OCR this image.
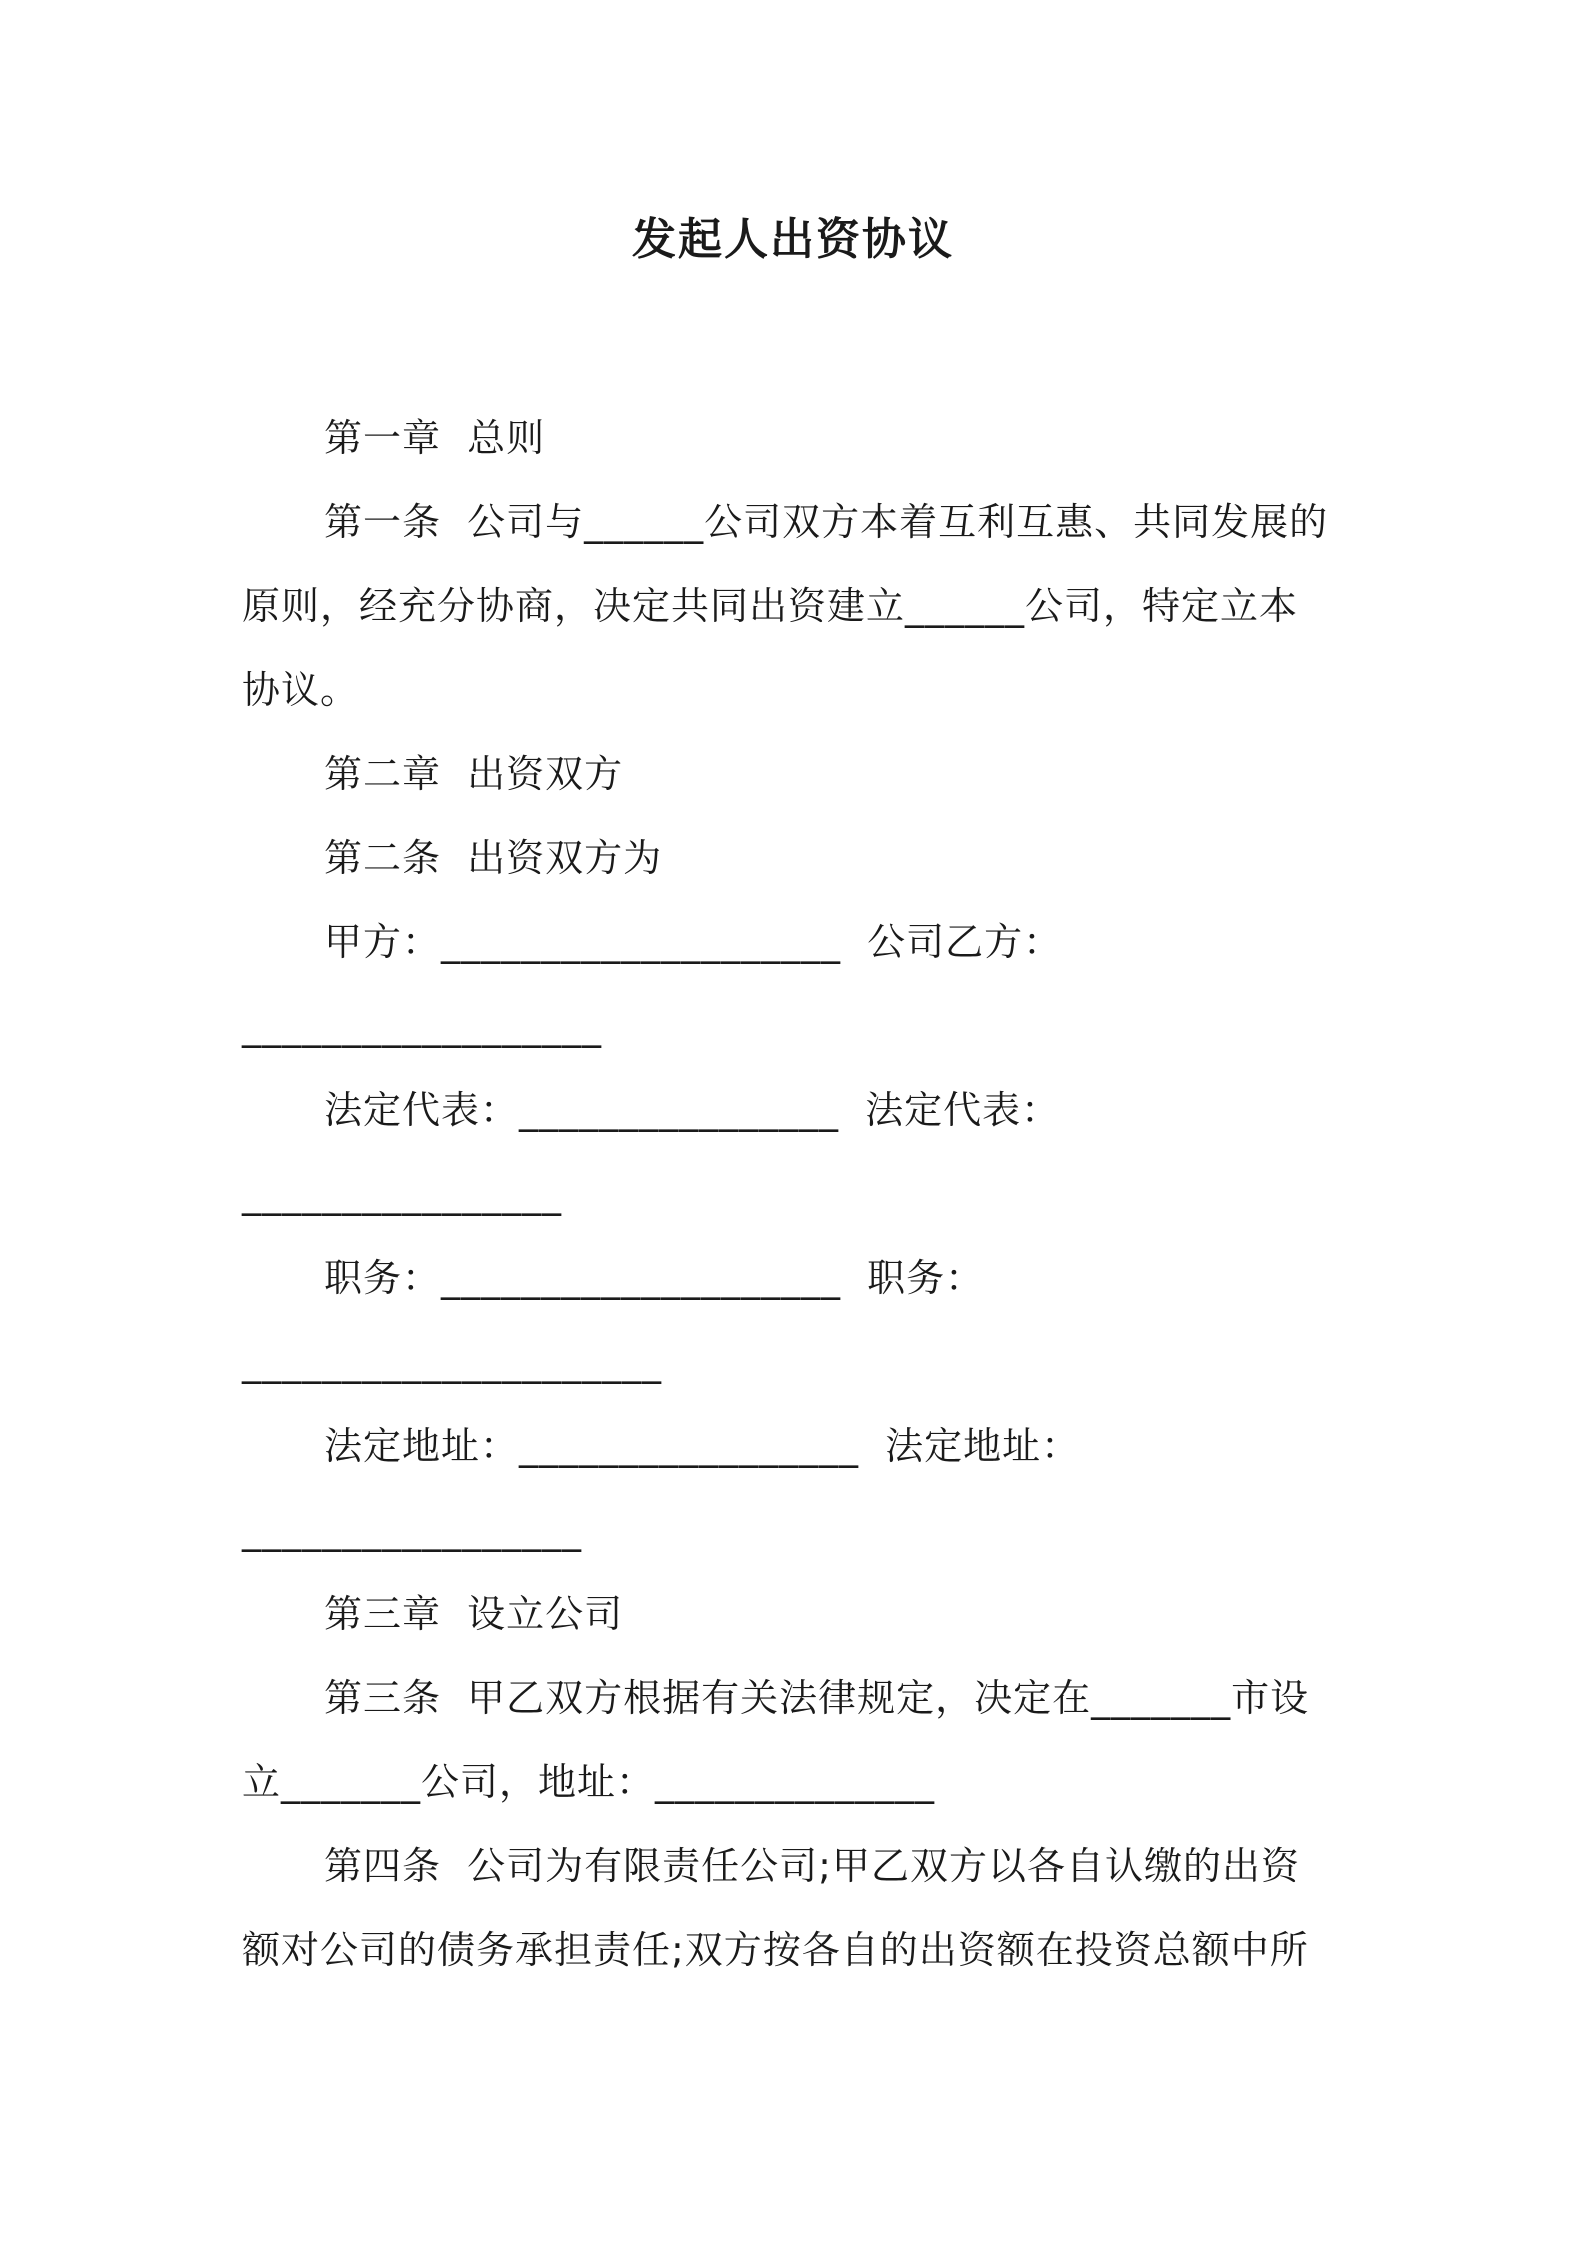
发起人出资协议
第一章  总则
第一条  公司与______公司双方本着互利互惠、共同发展的
原则，经充分协商，决定共同出资建立______公司，特定立本
协议。
第二章  出资双方
第二条  出资双方为
甲方：____________________  公司乙方：
__________________
法定代表：________________  法定代表：
________________
职务：____________________  职务：
_____________________
法定地址：_________________  法定地址：
_________________
第三章  设立公司
第三条  甲乙双方根据有关法律规定，决定在_______市设
立_______公司，地址：______________
第四条  公司为有限责任公司;甲乙双方以各自认缴的出资
额对公司的债务承担责任;双方按各自的出资额在投资总额中所
